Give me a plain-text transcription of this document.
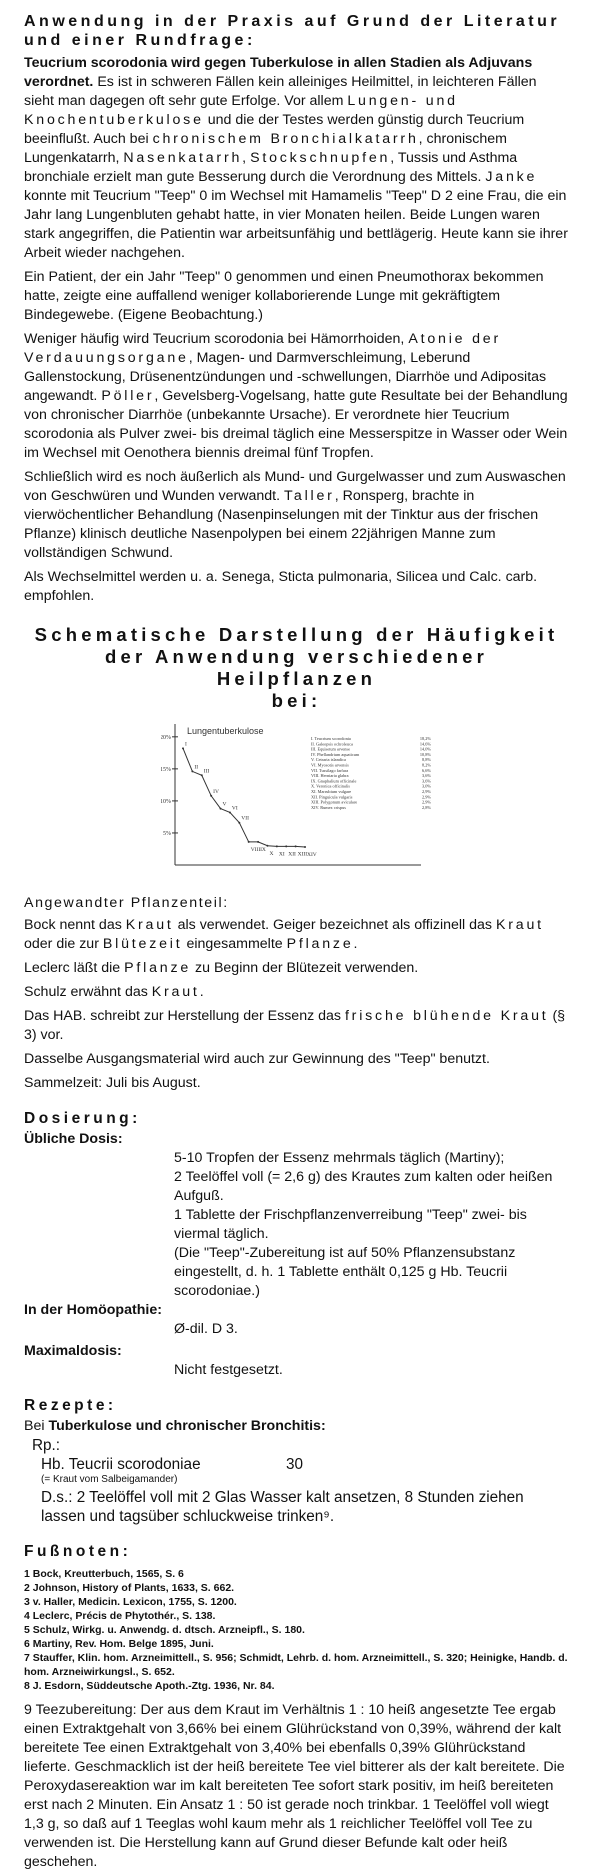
Anwendung in der Praxis auf Grund der Literatur und einer Rundfrage:

Teucrium scorodonia wird gegen Tuberkulose in allen Stadien als Adjuvans verordnet. Es ist in schweren Fällen kein alleiniges Heilmittel, in leichteren Fällen sieht man dagegen oft sehr gute Erfolge. Vor allem Lungen- und Knochentuberkulose und die der Testes werden günstig durch Teucrium beeinflußt. Auch bei chronischem Bronchialkatarrh, chronischem Lungenkatarrh, Nasenkatarrh, Stockschnupfen, Tussis und Asthma bronchiale erzielt man gute Besserung durch die Verordnung des Mittels. Janke konnte mit Teucrium "Teep" 0 im Wechsel mit Hamamelis "Teep" D 2 eine Frau, die ein Jahr lang Lungenbluten gehabt hatte, in vier Monaten heilen. Beide Lungen waren stark angegriffen, die Patientin war arbeitsunfähig und bettlägerig. Heute kann sie ihrer Arbeit wieder nachgehen.

Ein Patient, der ein Jahr "Teep" 0 genommen und einen Pneumothorax bekommen hatte, zeigte eine auffallend weniger kollaborierende Lunge mit gekräftigtem Bindegewebe. (Eigene Beobachtung.)

Weniger häufig wird Teucrium scorodonia bei Hämorrhoiden, Atonie der Verdauungsorgane, Magen- und Darmverschleimung, Leberund Gallenstockung, Drüsenentzündungen und -schwellungen, Diarrhöe und Adipositas angewandt. Pöller, Gevelsberg-Vogelsang, hatte gute Resultate bei der Behandlung von chronischer Diarrhöe (unbekannte Ursache). Er verordnete hier Teucrium scorodonia als Pulver zwei- bis dreimal täglich eine Messerspitze in Wasser oder Wein im Wechsel mit Oenothera biennis dreimal fünf Tropfen.

Schließlich wird es noch äußerlich als Mund- und Gurgelwasser und zum Auswaschen von Geschwüren und Wunden verwandt. Taller, Ronsperg, brachte in vierwöchentlicher Behandlung (Nasenpinselungen mit der Tinktur aus der frischen Pflanze) klinisch deutliche Nasenpolypen bei einem 22jährigen Manne zum vollständigen Schwund.

Als Wechselmittel werden u. a. Senega, Sticta pulmonaria, Silicea und Calc. carb. empfohlen.

Schematische Darstellung der Häufigkeit
der Anwendung verschiedener Heilpflanzen
bei:
20%
15%
10%
5%
Lungentuberkulose
I
II
III
IV
V
VI
VII
VIII IX
X XI XII XIII XIV
I. Teucrium scorodonia	18,2%
II. Galeopsis ochroleuca	14,6%
III. Equisetum arvense	14,0%
IV. Phellandrium aquaticum	10,8%
V. Cetraria islandica	8,8%
VI. Myosotis arvensis	8,2%
VII. Tussilago farfara	6,6%
VIII. Herniaria glabra	3,6%
IX. Gnaphalium officinale	3,6%
X. Veronica officinalis	3,0%
XI. Marrubium vulgare	2,9%
XII. Pinguicula vulgaris	2,9%
XIII. Polygonum aviculare	2,9%
XIV. Rumex crispus	2,8%

Angewandter Pflanzenteil:

Bock nennt das Kraut als verwendet. Geiger bezeichnet als offizinell das Kraut oder die zur Blütezeit eingesammelte Pflanze.

Leclerc läßt die Pflanze zu Beginn der Blütezeit verwenden.

Schulz erwähnt das Kraut.

Das HAB. schreibt zur Herstellung der Essenz das frische blühende Kraut (§ 3) vor.

Dasselbe Ausgangsmaterial wird auch zur Gewinnung des "Teep" benutzt.

Sammelzeit: Juli bis August.

Dosierung:

Übliche Dosis:

5-10 Tropfen der Essenz mehrmals täglich (Martiny);

2 Teelöffel voll (= 2,6 g) des Krautes zum kalten oder heißen Aufguß.

1 Tablette der Frischpflanzenverreibung "Teep" zwei- bis viermal täglich.

(Die "Teep"-Zubereitung ist auf 50% Pflanzensubstanz eingestellt, d. h. 1 Tablette enthält 0,125 g Hb. Teucrii scorodoniae.)

In der Homöopathie:

Ø-dil. D 3.

Maximaldosis:

Nicht festgesetzt.

Rezepte:

Bei Tuberkulose und chronischer Bronchitis:

Rp.:

Hb. Teucrii scorodoniae	30

(= Kraut vom Salbeigamander)

D.s.: 2 Teelöffel voll mit 2 Glas Wasser kalt ansetzen, 8 Stunden ziehen lassen und tagsüber schluckweise trinken⁹.

Fußnoten:

1 Bock, Kreutterbuch, 1565, S. 6

2 Johnson, History of Plants, 1633, S. 662.

3 v. Haller, Medicin. Lexicon, 1755, S. 1200.

4 Leclerc, Précis de Phytothér., S. 138.

5 Schulz, Wirkg. u. Anwendg. d. dtsch. Arzneipfl., S. 180.

6 Martiny, Rev. Hom. Belge 1895, Juni.

7 Stauffer, Klin. hom. Arzneimittell., S. 956; Schmidt, Lehrb. d. hom. Arzneimittell., S. 320; Heinigke, Handb. d. hom. Arzneiwirkungsl., S. 652.

8 J. Esdorn, Süddeutsche Apoth.-Ztg. 1936, Nr. 84.

9 Teezubereitung: Der aus dem Kraut im Verhältnis 1 : 10 heiß angesetzte Tee ergab einen Extraktgehalt von 3,66% bei einem Glührückstand von 0,39%, während der kalt bereitete Tee einen Extraktgehalt von 3,40% bei ebenfalls 0,39% Glührückstand lieferte. Geschmacklich ist der heiß bereitete Tee viel bitterer als der kalt bereitete. Die Peroxydasereaktion war im kalt bereiteten Tee sofort stark positiv, im heiß bereiteten erst nach 2 Minuten. Ein Ansatz 1 : 50 ist gerade noch trinkbar. 1 Teelöffel voll wiegt 1,3 g, so daß auf 1 Teeglas wohl kaum mehr als 1 reichlicher Teelöffel voll Tee zu verwenden ist. Die Herstellung kann auf Grund dieser Befunde kalt oder heiß geschehen.
